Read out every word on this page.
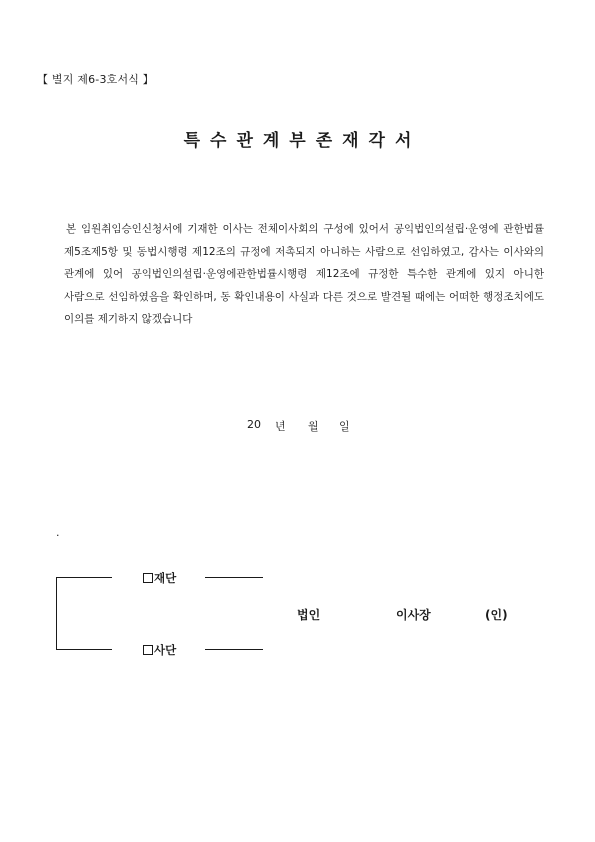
【 별지 제6-3호서식 】
특수관계부존재각서

본 임원취임승인신청서에 기재한 이사는 전체이사회의 구성에 있어서 공익법인의설립·운영에 관한법률 제5조제5항 및 동법시행령 제12조의 규정에 저촉되지 아니하는 사람으로 선임하였고, 감사는 이사와의 관계에 있어 공익법인의설립·운영에관한법률시행령 제12조에 규정한 특수한 관계에 있지 아니한 사람으로 선임하였음을 확인하며, 동 확인내용이 사실과 다른 것으로 발견될 때에는 어떠한 행정조치에도 이의를 제기하지 않겠습니다

20 년 월 일
.
재단
사단
법인	이사장	(인)
